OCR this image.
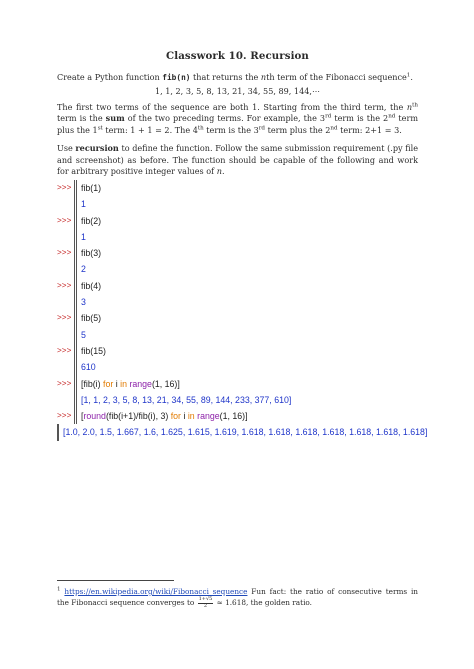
Classwork 10. Recursion

Create a Python function fib(n) that returns the nth term of the Fibonacci sequence$^1$.

1, 1, 2, 3, 5, 8, 13, 21, 34, 55, 89, 144,⋯

The first two terms of the sequence are both 1. Starting from the third term, the $n^{th}$ term is the sum of the two preceding terms. For example, the 3rd term is the 2nd term plus the 1st term: 1 + 1 = 2. The 4th term is the 3rd term plus the 2nd term: 2+1 = 3.

Use recursion to define the function. Follow the same submission requirement (.py file and screenshot) as before. The function should be capable of the following and work for arbitrary positive integer values of n.

>>>	fib(1)
1
>>>	fib(2)
1
>>>	fib(3)
2
>>>	fib(4)
3
>>>	fib(5)
5
>>>	fib(15)
610
>>>	[fib(i) for i in range(1, 16)]
[1, 1, 2, 3, 5, 8, 13, 21, 34, 55, 89, 144, 233, 377, 610]
>>>	[round(fib(i+1)/fib(i), 3) for i in range(1, 16)]
[1.0, 2.0, 1.5, 1.667, 1.6, 1.625, 1.615, 1.619, 1.618, 1.618, 1.618, 1.618, 1.618, 1.618, 1.618]
$^1$ https://en.wikipedia.org/wiki/Fibonacci_sequence Fun fact: the ratio of consecutive terms in the Fibonacci sequence converges to $\frac{1+√5}{2} \approx 1.618$, the golden ratio.
